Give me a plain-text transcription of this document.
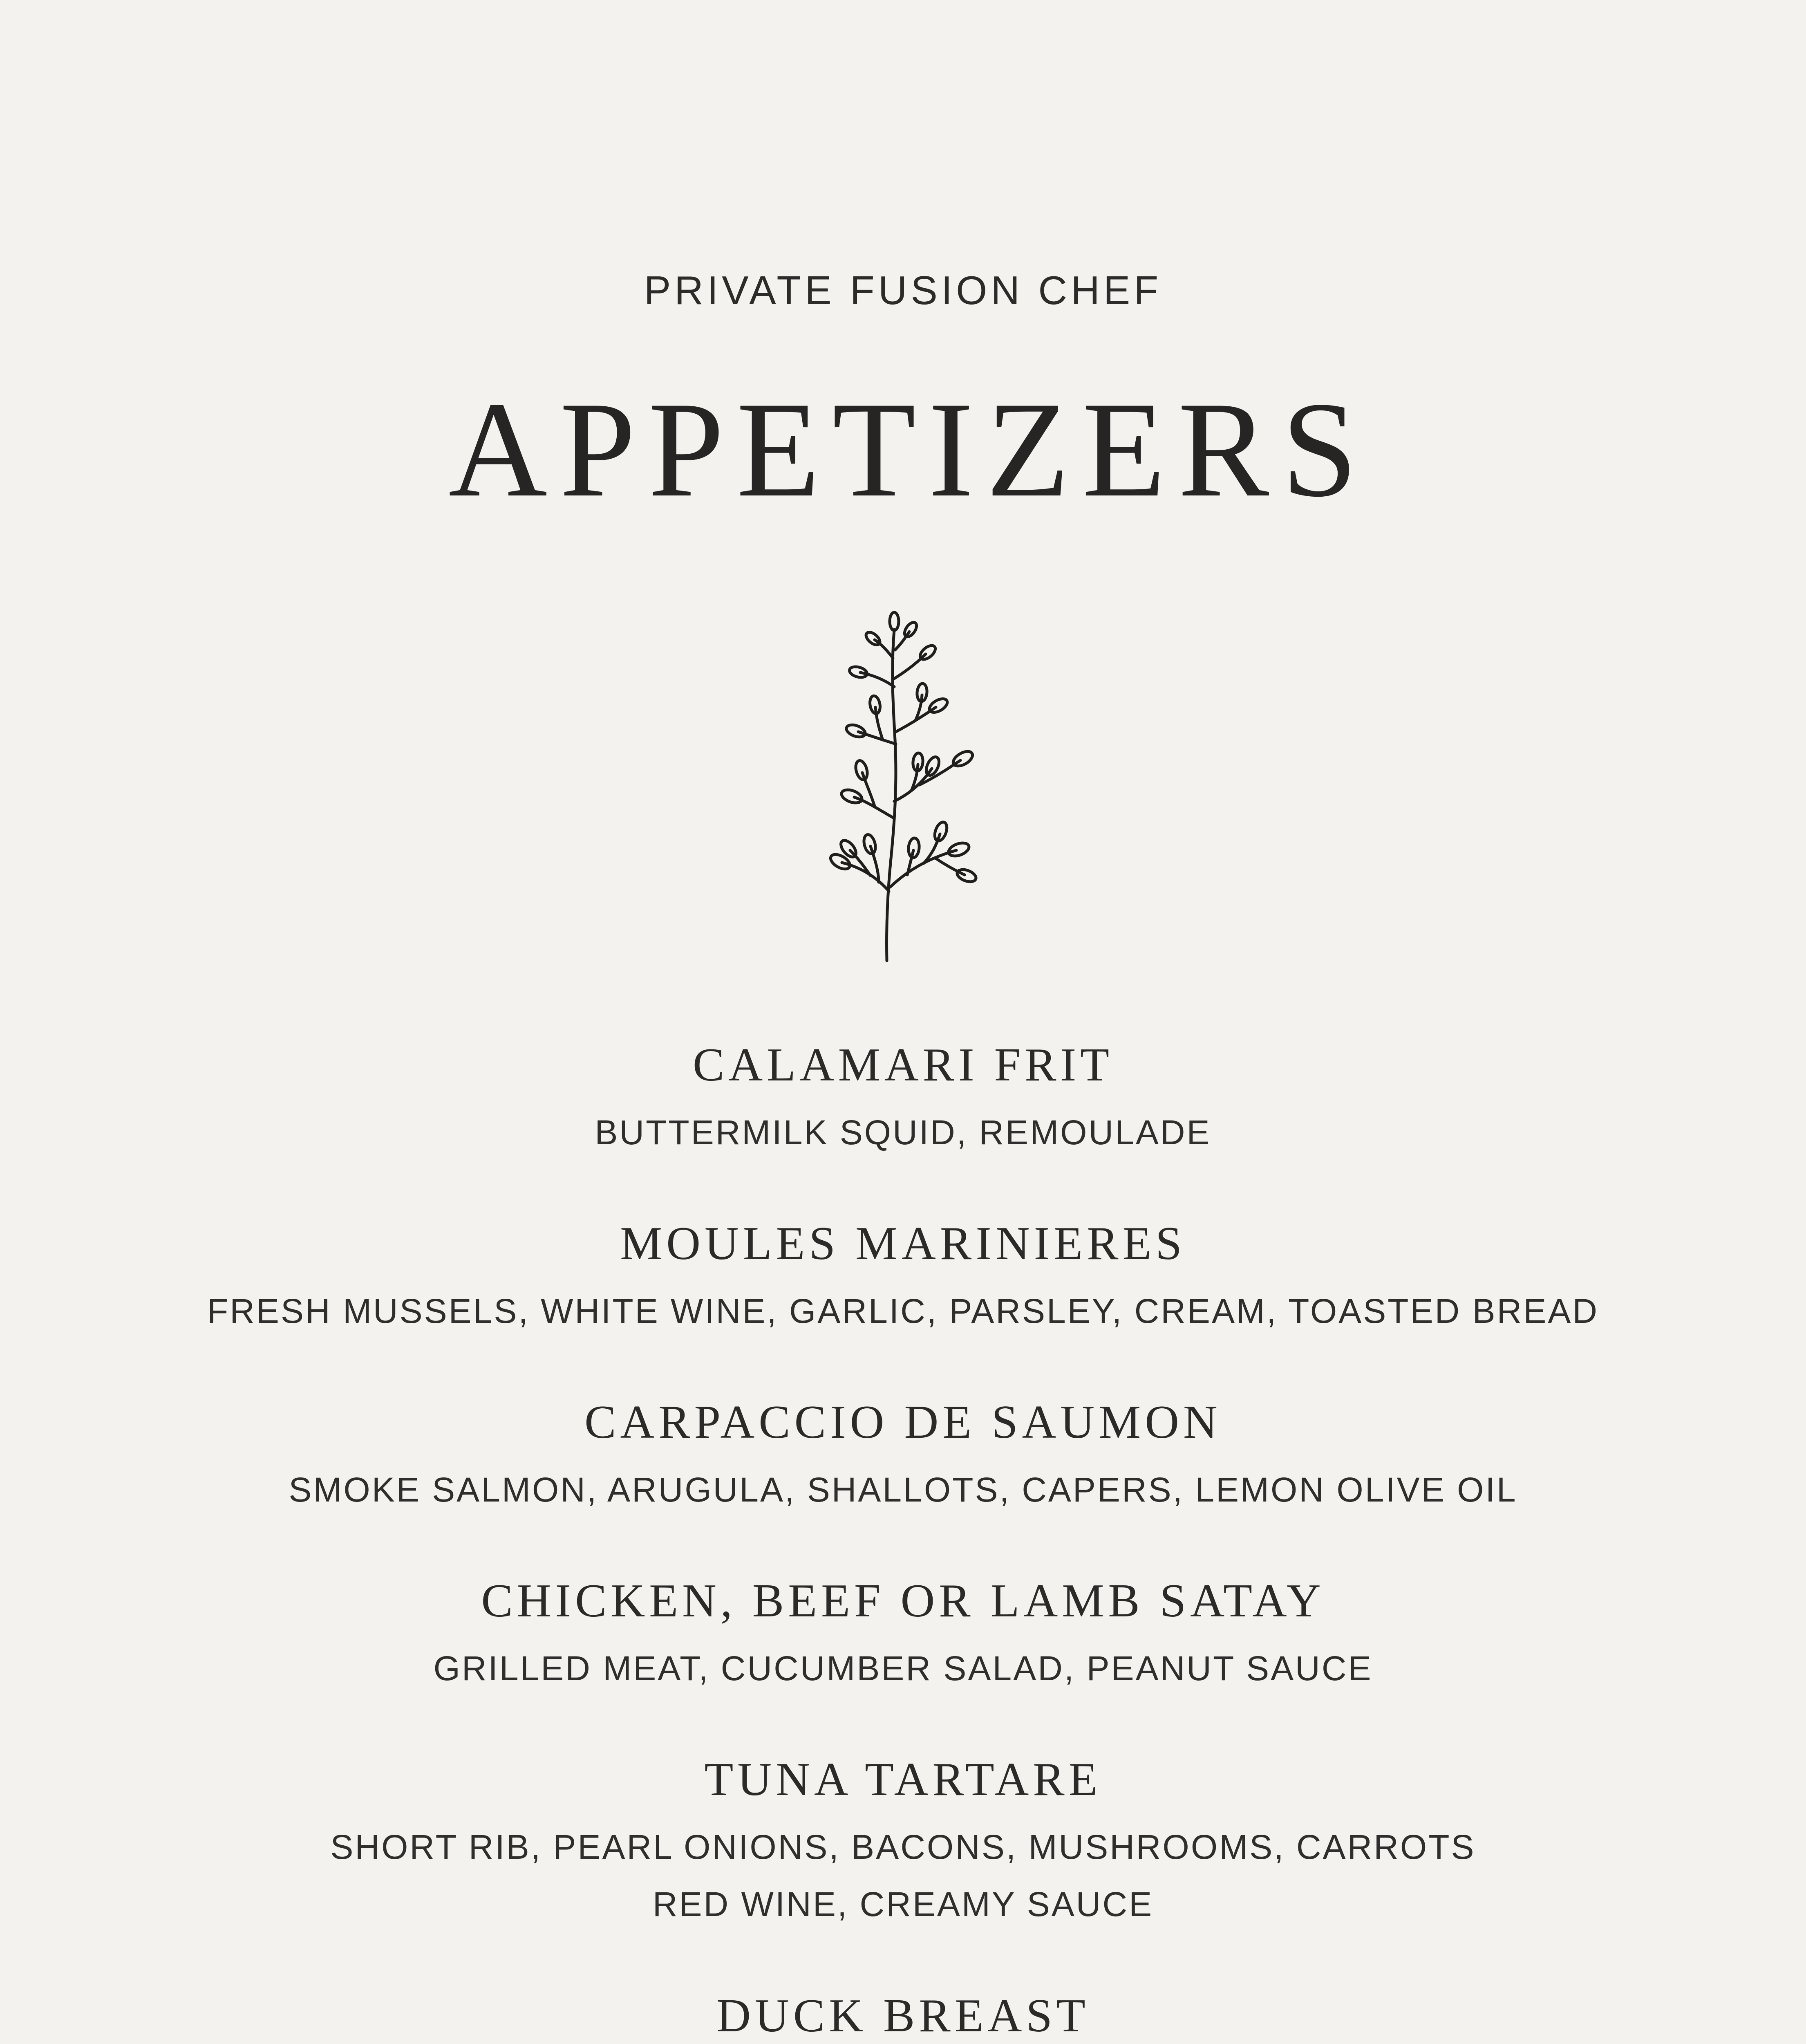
PRIVATE FUSION CHEF
APPETIZERS
CALAMARI FRIT
BUTTERMILK SQUID, REMOULADE
MOULES MARINIERES
FRESH MUSSELS, WHITE WINE, GARLIC, PARSLEY, CREAM, TOASTED BREAD
CARPACCIO DE SAUMON
SMOKE SALMON, ARUGULA, SHALLOTS, CAPERS, LEMON OLIVE OIL
CHICKEN, BEEF OR LAMB SATAY
GRILLED MEAT, CUCUMBER SALAD, PEANUT SAUCE
TUNA TARTARE
SHORT RIB, PEARL ONIONS, BACONS, MUSHROOMS, CARROTS
RED WINE, CREAMY SAUCE
DUCK BREAST
